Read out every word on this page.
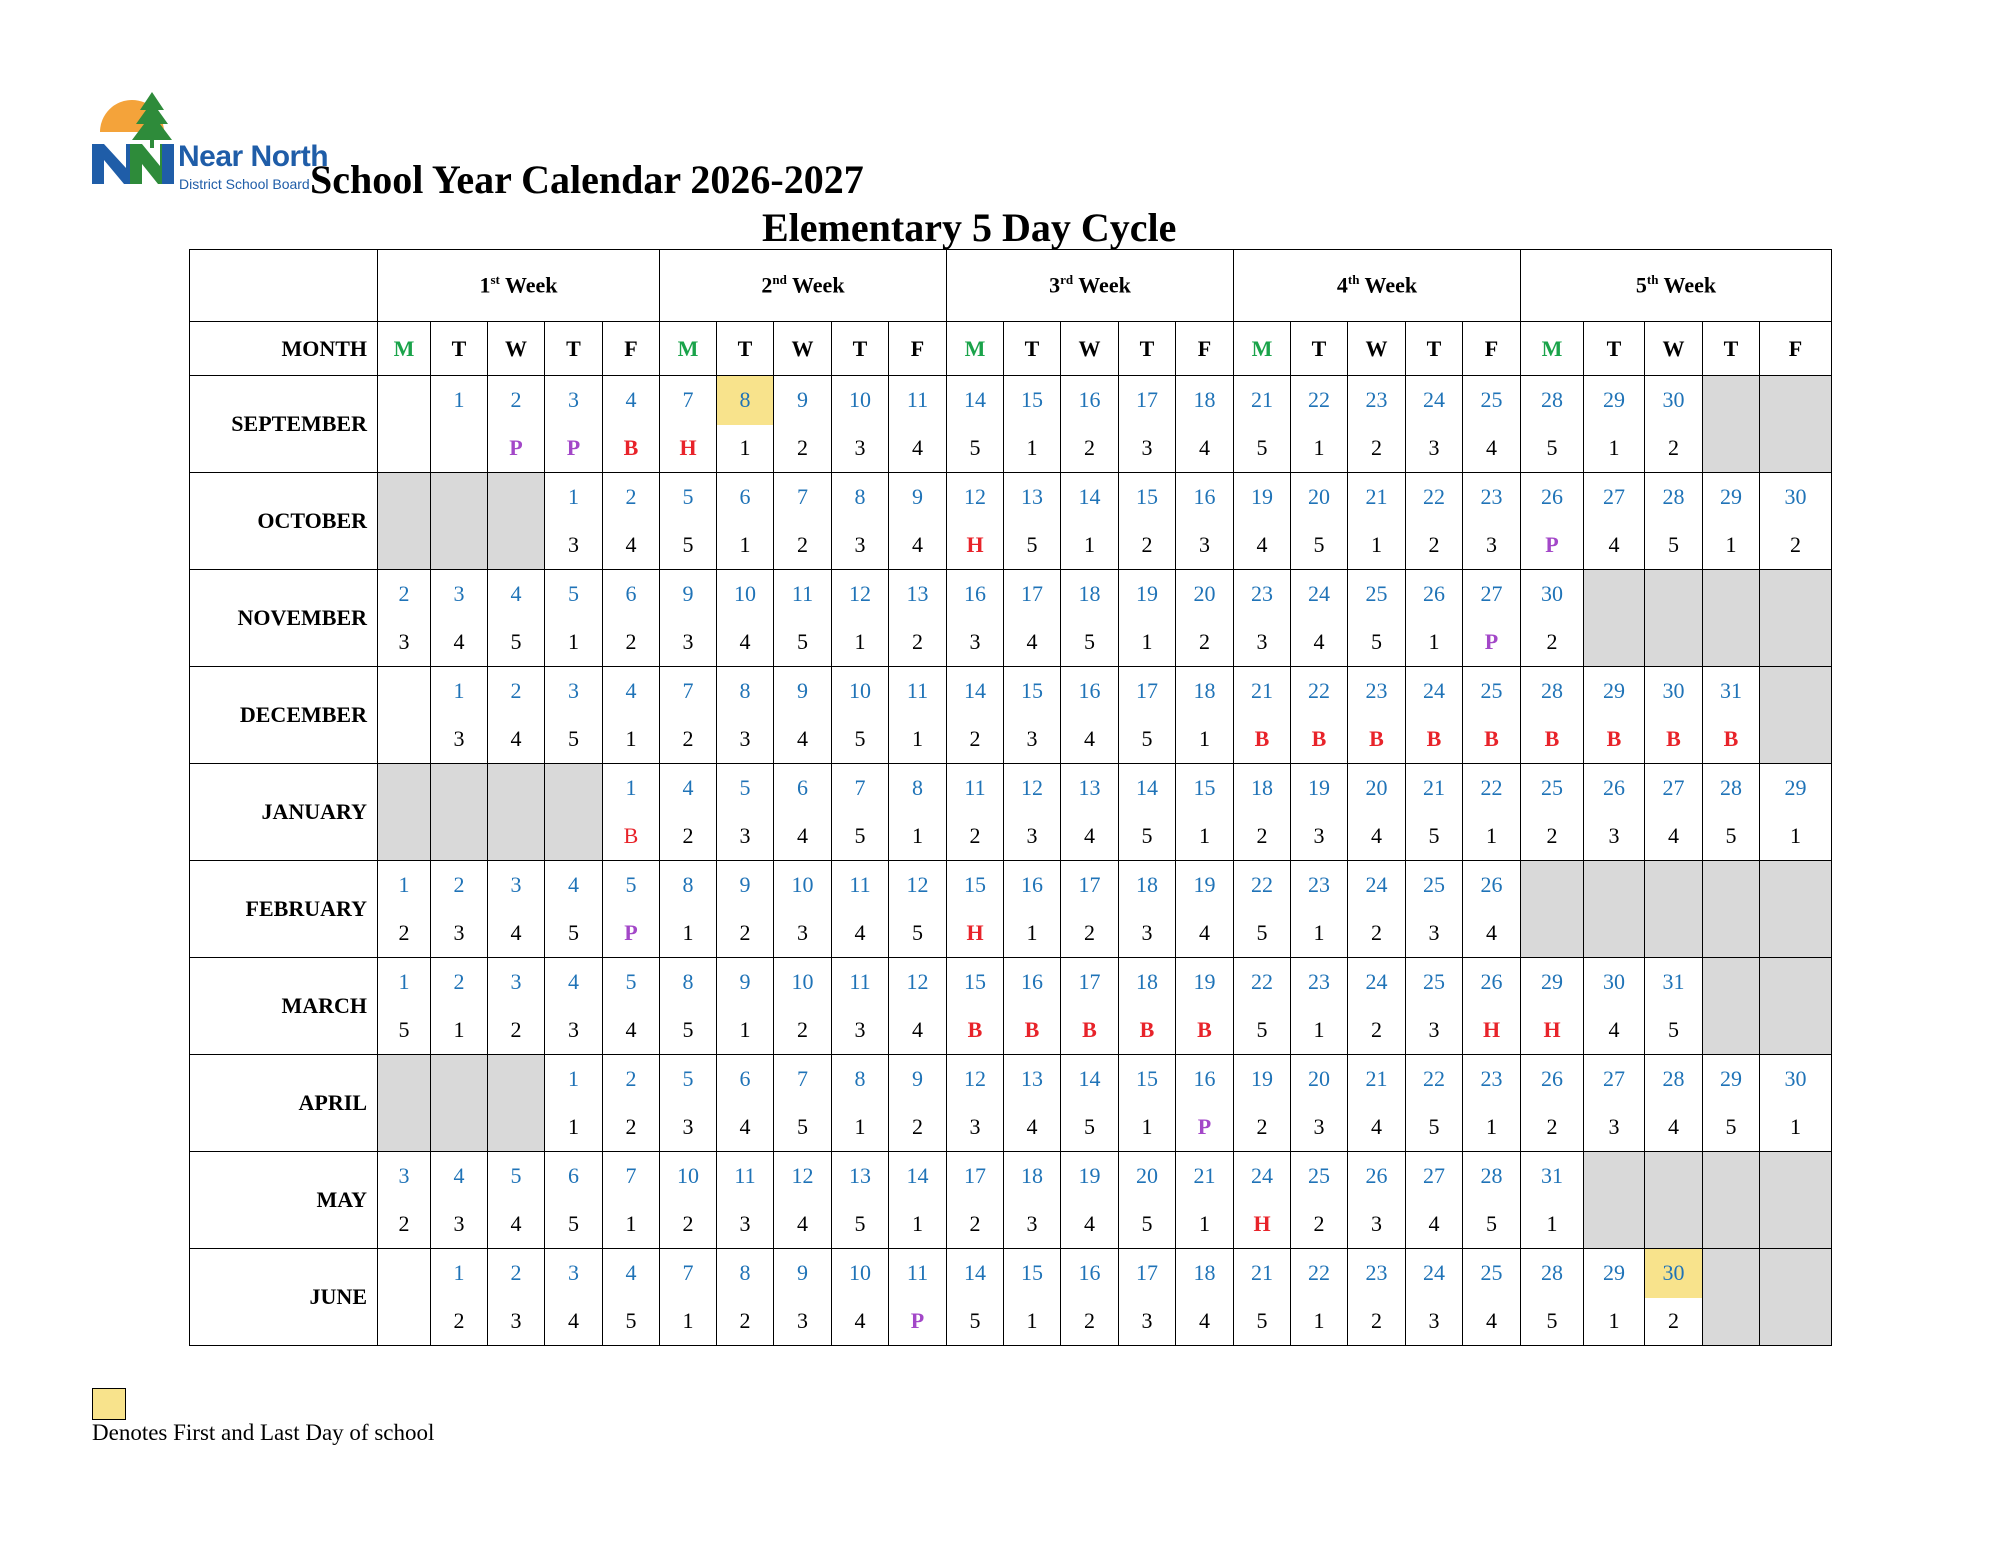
Near North
District School Board School Year Calendar 2026-2027
Elementary 5 Day Cycle
	1st Week					2nd Week					3rd Week					4th Week					5th Week				
MONTH	M	T	W	T	F	M	T	W	T	F	M	T	W	T	F	M	T	W	T	F	M	T	W	T	F
SEPTEMBER		1	2	3	4	7	8	9	10	11	14	15	16	17	18	21	22	23	24	25	28	29	30		
			P	P	B	H	1	2	3	4	5	1	2	3	4	5	1	2	3	4	5	1	2		
OCTOBER				1	2	5	6	7	8	9	12	13	14	15	16	19	20	21	22	23	26	27	28	29	30
				3	4	5	1	2	3	4	H	5	1	2	3	4	5	1	2	3	P	4	5	1	2
NOVEMBER	2	3	4	5	6	9	10	11	12	13	16	17	18	19	20	23	24	25	26	27	30				
	3	4	5	1	2	3	4	5	1	2	3	4	5	1	2	3	4	5	1	P	2				
DECEMBER		1	2	3	4	7	8	9	10	11	14	15	16	17	18	21	22	23	24	25	28	29	30	31	
		3	4	5	1	2	3	4	5	1	2	3	4	5	1	B	B	B	B	B	B	B	B	B	
JANUARY					1	4	5	6	7	8	11	12	13	14	15	18	19	20	21	22	25	26	27	28	29
					B	2	3	4	5	1	2	3	4	5	1	2	3	4	5	1	2	3	4	5	1
FEBRUARY	1	2	3	4	5	8	9	10	11	12	15	16	17	18	19	22	23	24	25	26					
	2	3	4	5	P	1	2	3	4	5	H	1	2	3	4	5	1	2	3	4					
MARCH	1	2	3	4	5	8	9	10	11	12	15	16	17	18	19	22	23	24	25	26	29	30	31		
	5	1	2	3	4	5	1	2	3	4	B	B	B	B	B	5	1	2	3	H	H	4	5		
APRIL				1	2	5	6	7	8	9	12	13	14	15	16	19	20	21	22	23	26	27	28	29	30
				1	2	3	4	5	1	2	3	4	5	1	P	2	3	4	5	1	2	3	4	5	1
MAY	3	4	5	6	7	10	11	12	13	14	17	18	19	20	21	24	25	26	27	28	31				
	2	3	4	5	1	2	3	4	5	1	2	3	4	5	1	H	2	3	4	5	1				
JUNE		1	2	3	4	7	8	9	10	11	14	15	16	17	18	21	22	23	24	25	28	29	30		
		2	3	4	5	1	2	3	4	P	5	1	2	3	4	5	1	2	3	4	5	1	2		
Denotes First and Last Day of school
